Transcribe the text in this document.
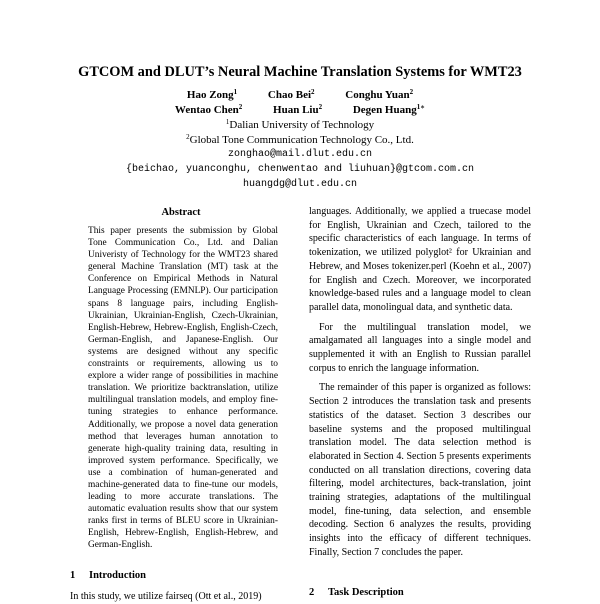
GTCOM and DLUT’s Neural Machine Translation Systems for WMT23
Hao Zong$^1$	Chao Bei$^2$	Conghu Yuan$^2$
Wentao Chen$^2$	Huan Liu$^2$	Degen Huang$^{1∗}$
$^1$Dalian University of Technology
$^2$Global Tone Communication Technology Co., Ltd.
zonghao@mail.dlut.edu.cn
{beichao, yuanconghu, chenwentao and liuhuan}@gtcom.com.cn
huangdg@dlut.edu.cn
Abstract

This paper presents the submission by Global Tone Communication Co., Ltd. and Dalian Univeristy of Technology for the WMT23 shared general Machine Translation (MT) task at the Conference on Empirical Methods in Natural Language Processing (EMNLP). Our participation spans 8 language pairs, including English-Ukrainian, Ukrainian-English, Czech-Ukrainian, English-Hebrew, Hebrew-English, English-Czech, German-English, and Japanese-English. Our systems are designed without any specific constraints or requirements, allowing us to explore a wider range of possibilities in machine translation. We prioritize backtranslation, utilize multilingual translation models, and employ fine-tuning strategies to enhance performance. Additionally, we propose a novel data generation method that leverages human annotation to generate high-quality training data, resulting in improved system performance. Specifically, we use a combination of human-generated and machine-generated data to fine-tune our models, leading to more accurate translations. The automatic evaluation results show that our system ranks first in terms of BLEU score in Ukrainian-English, Hebrew-English, English-Hebrew, and German-English.

1 Introduction

In this study, we utilize fairseq (Ott et al., 2019)

languages. Additionally, we applied a truecase model for English, Ukrainian and Czech, tailored to the specific characteristics of each language. In terms of tokenization, we utilized polyglot² for Ukrainian and Hebrew, and Moses tokenizer.perl (Koehn et al., 2007) for English and Czech. Moreover, we incorporated knowledge-based rules and a language model to clean parallel data, monolingual data, and synthetic data.

For the multilingual translation model, we amalgamated all languages into a single model and supplemented it with an English to Russian parallel corpus to enrich the language information.

The remainder of this paper is organized as follows: Section 2 introduces the translation task and presents statistics of the dataset. Section 3 describes our baseline systems and the proposed multilingual translation model. The data selection method is elaborated in Section 4. Section 5 presents experiments conducted on all translation directions, covering data filtering, model architectures, back-translation, joint training strategies, adaptations of the multilingual model, fine-tuning, data selection, and ensemble decoding. Section 6 analyzes the results, providing insights into the efficacy of different techniques. Finally, Section 7 concludes the paper.

2 Task Description
